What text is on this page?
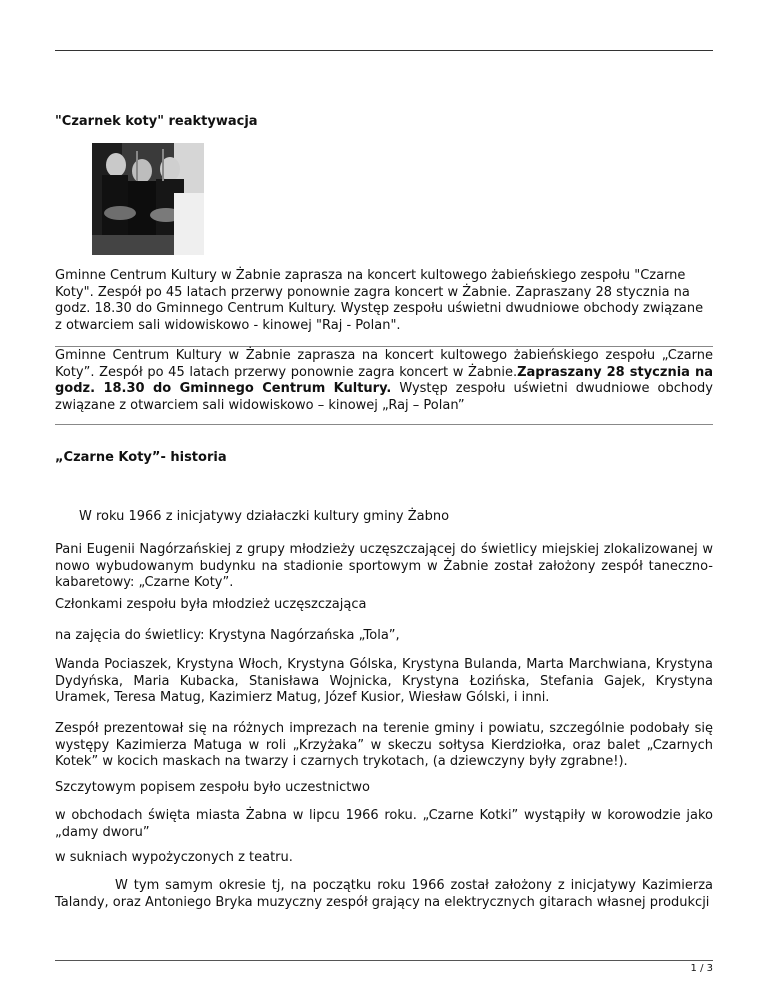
"Czarnek koty" reaktywacja

Gminne Centrum Kultury w Żabnie zaprasza na koncert kultowego żabieńskiego zespołu "Czarne Koty". Zespół po 45 latach przerwy ponownie zagra koncert w Żabnie. Zapraszany 28 stycznia na godz. 18.30 do Gminnego Centrum Kultury. Występ zespołu uświetni dwudniowe obchody związane z otwarciem sali widowiskowo - kinowej "Raj - Polan".

Gminne Centrum Kultury w Żabnie zaprasza na koncert kultowego żabieńskiego zespołu „Czarne Koty”. Zespół po 45 latach przerwy ponownie zagra koncert w Żabnie.Zapraszany 28 stycznia na godz. 18.30 do Gminnego Centrum Kultury. Występ zespołu uświetni dwudniowe obchody związane z otwarciem sali widowiskowo – kinowej „Raj – Polan”

„Czarne Koty”- historia

W roku 1966 z inicjatywy działaczki kultury gminy Żabno

Pani Eugenii Nagórzańskiej z grupy młodzieży uczęszczającej do świetlicy miejskiej zlokalizowanej w nowo wybudowanym budynku na stadionie sportowym w Żabnie został założony zespół taneczno- kabaretowy: „Czarne Koty”.

Członkami zespołu była młodzież uczęszczająca

na zajęcia do świetlicy: Krystyna Nagórzańska „Tola”,

Wanda Pociaszek, Krystyna Włoch, Krystyna Gólska, Krystyna Bulanda, Marta Marchwiana, Krystyna Dydyńska, Maria Kubacka, Stanisława Wojnicka, Krystyna Łozińska, Stefania Gajek, Krystyna Uramek, Teresa Matug, Kazimierz Matug, Józef Kusior, Wiesław Gólski, i inni.

Zespół prezentował się na różnych imprezach na terenie gminy i powiatu, szczególnie podobały się występy Kazimierza Matuga w roli „Krzyżaka” w skeczu sołtysa Kierdziołka, oraz balet „Czarnych Kotek” w kocich maskach na twarzy i czarnych trykotach, (a dziewczyny były zgrabne!).

Szczytowym popisem zespołu było uczestnictwo

w obchodach święta miasta Żabna w lipcu 1966 roku. „Czarne Kotki” wystąpiły w korowodzie jako „damy dworu”

w sukniach wypożyczonych z teatru.

W tym samym okresie tj, na początku roku 1966 został założony z inicjatywy Kazimierza Talandy, oraz Antoniego Bryka muzyczny zespół grający na elektrycznych gitarach własnej produkcji

1 / 3
